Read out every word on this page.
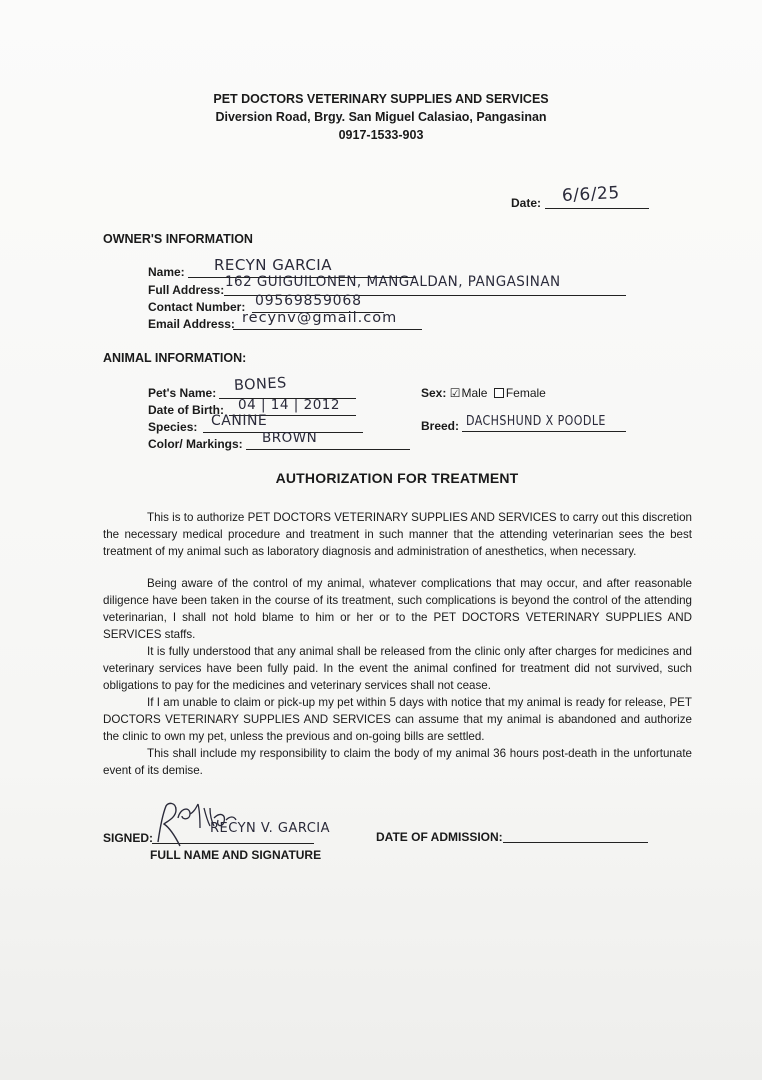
PET DOCTORS VETERINARY SUPPLIES AND SERVICES
Diversion Road, Brgy. San Miguel Calasiao, Pangasinan
0917-1533-903
Date: 6/6/25
OWNER'S INFORMATION
Name: RECYN GARCIA
Full Address: 162 GUIGUILONEN, MANGALDAN, PANGASINAN
Contact Number: 09569859068
Email Address: recynv@gmail.com
ANIMAL INFORMATION:
Pet's Name: BONES
Date of Birth: 04 | 14 | 2012
Species: CANINE
Color/ Markings: BROWN
Sex: ☑Male Female
Breed: DACHSHUND X POODLE
AUTHORIZATION FOR TREATMENT
This is to authorize PET DOCTORS VETERINARY SUPPLIES AND SERVICES to carry out this discretion the necessary medical procedure and treatment in such manner that the attending veterinarian sees the best treatment of my animal such as laboratory diagnosis and administration of anesthetics, when necessary.
Being aware of the control of my animal, whatever complications that may occur, and after reasonable diligence have been taken in the course of its treatment, such complications is beyond the control of the attending veterinarian, I shall not hold blame to him or her or to the PET DOCTORS VETERINARY SUPPLIES AND SERVICES staffs.
It is fully understood that any animal shall be released from the clinic only after charges for medicines and veterinary services have been fully paid. In the event the animal confined for treatment did not survived, such obligations to pay for the medicines and veterinary services shall not cease.
If I am unable to claim or pick-up my pet within 5 days with notice that my animal is ready for release, PET DOCTORS VETERINARY SUPPLIES AND SERVICES can assume that my animal is abandoned and authorize the clinic to own my pet, unless the previous and on-going bills are settled.
This shall include my responsibility to claim the body of my animal 36 hours post-death in the unfortunate event of its demise.
SIGNED:
RECYN V. GARCIA
FULL NAME AND SIGNATURE
DATE OF ADMISSION:
